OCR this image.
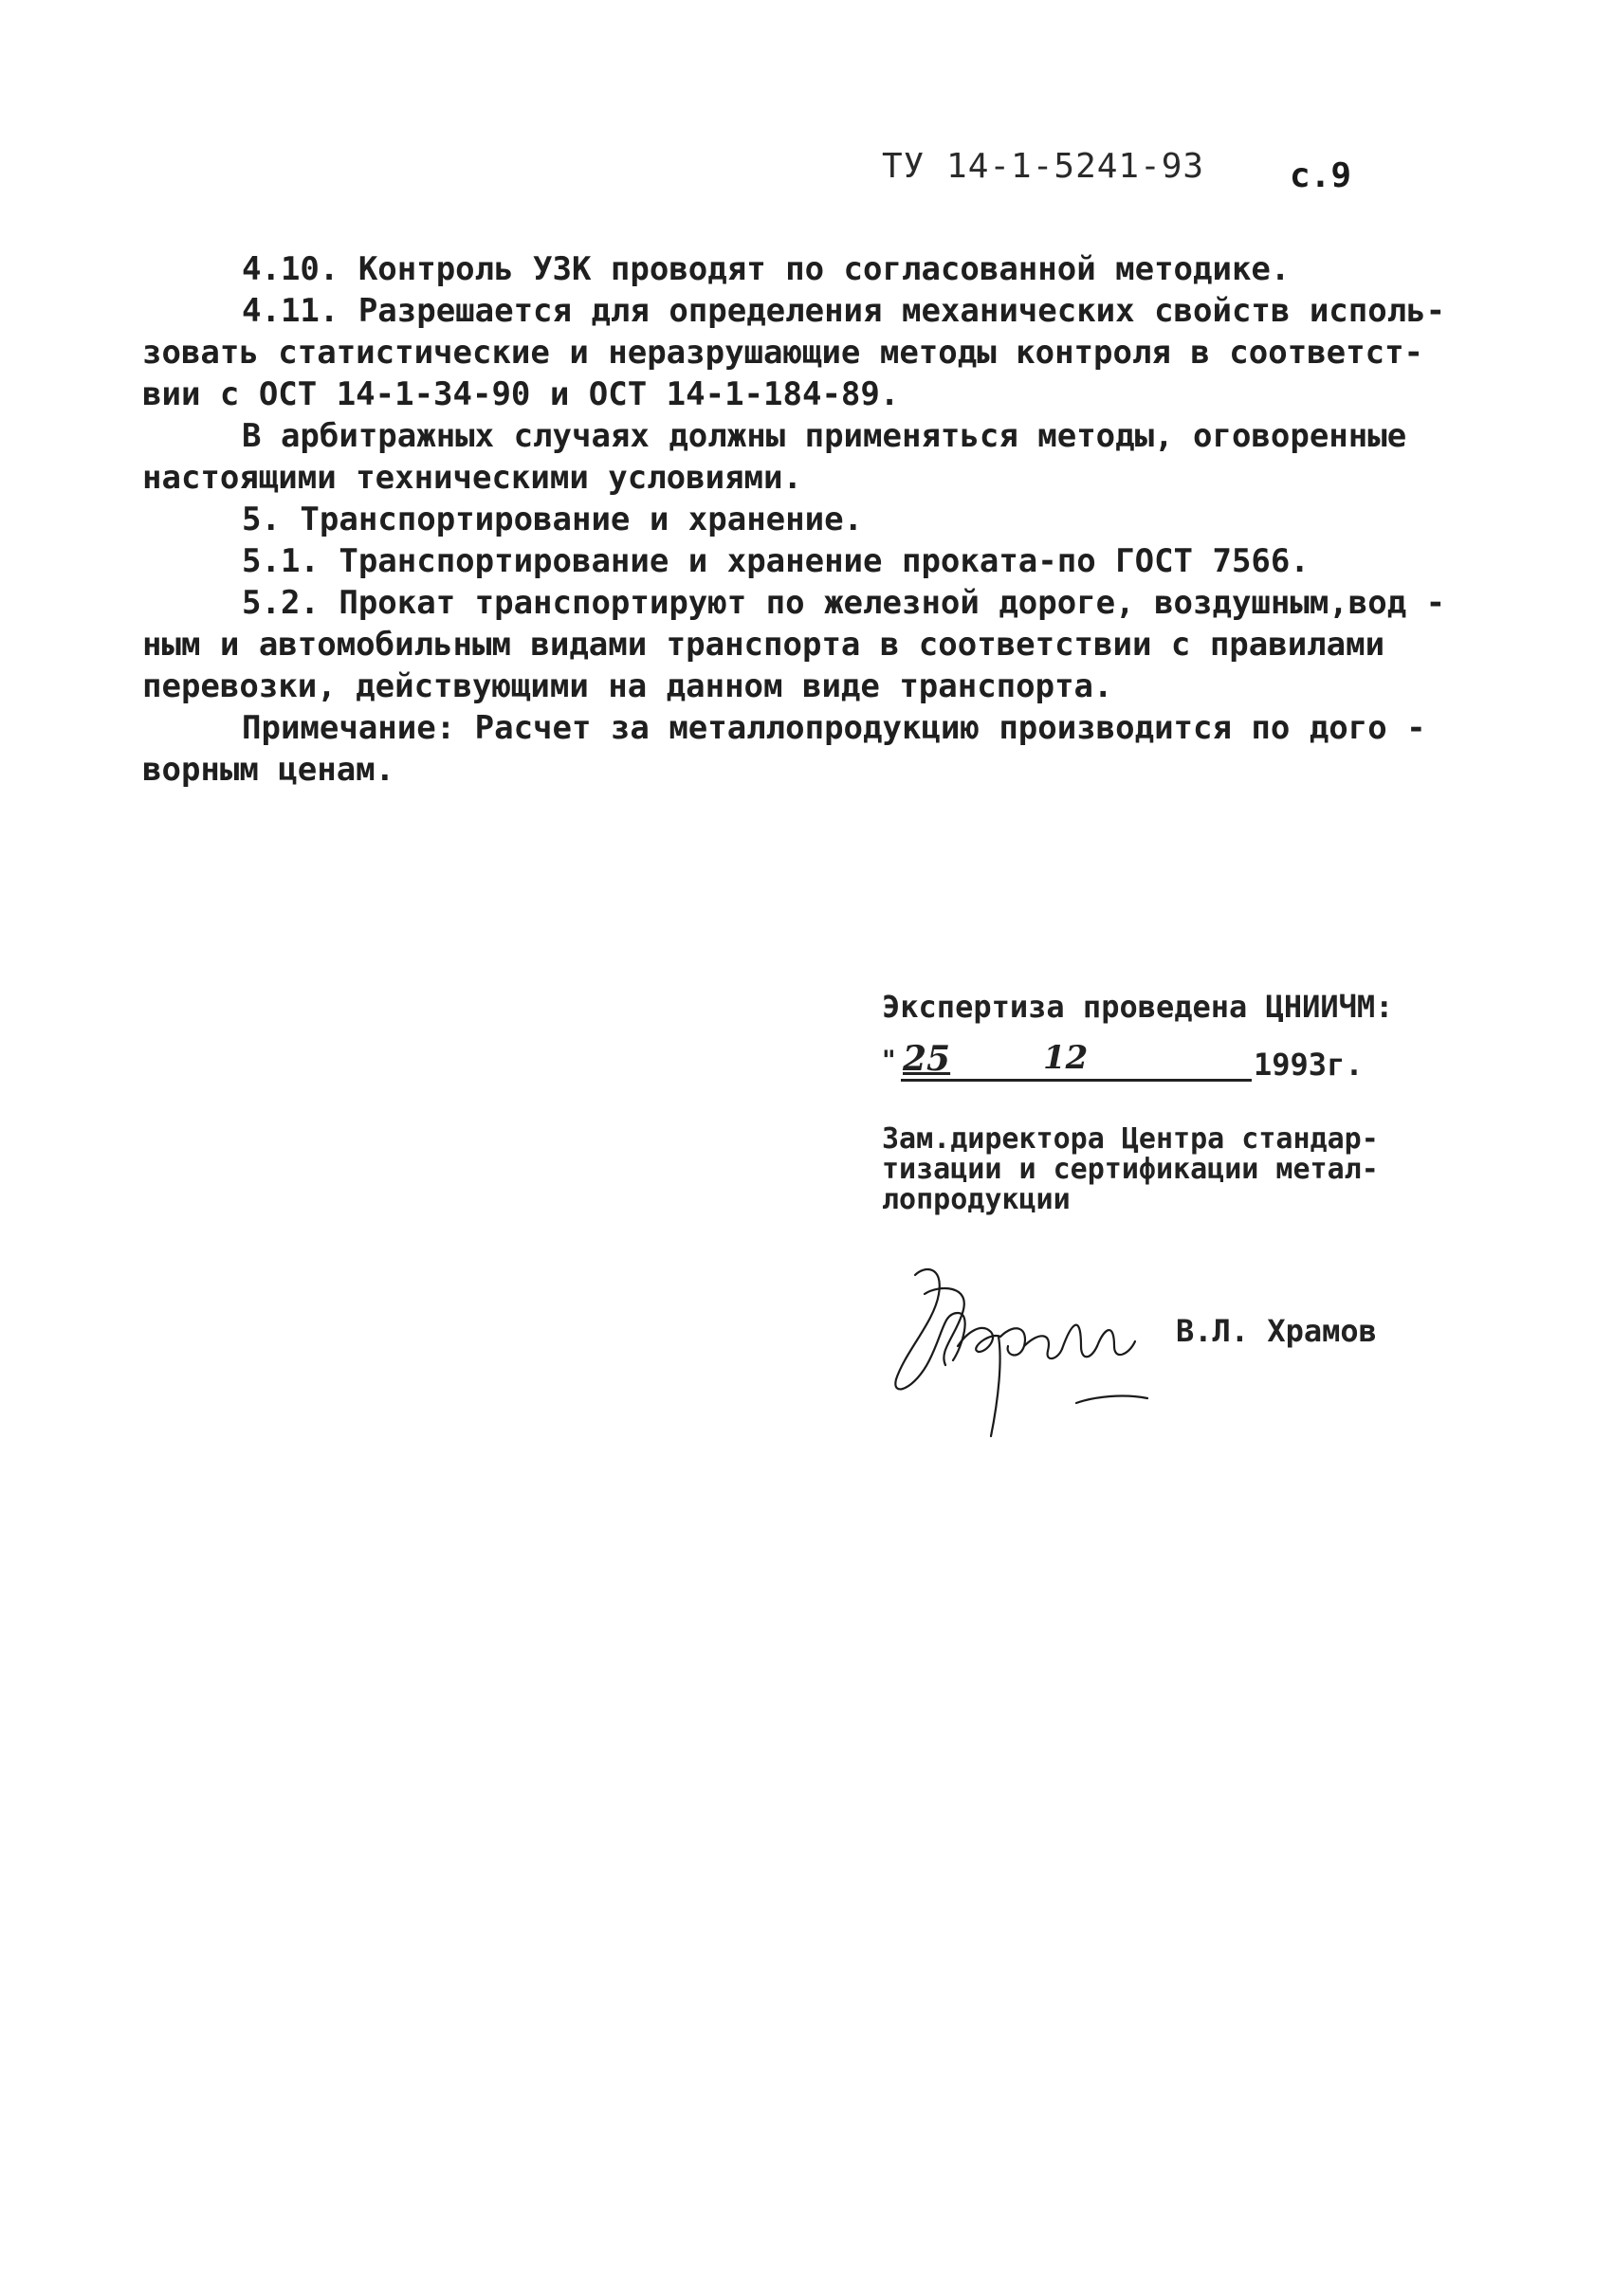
ТУ 14-1-5241-93 с.9

4.10. Контроль УЗК проводят по согласованной методике.

4.11. Разрешается для определения механических свойств исполь-

зовать статистические и неразрушающие методы контроля в соответст-

вии с ОСТ 14-1-34-90 и ОСТ 14-1-184-89.

В арбитражных случаях должны применяться методы, оговоренные

настоящими техническими условиями.

5. Транспортирование и хранение.

5.1. Транспортирование и хранение проката-по ГОСТ 7566.

5.2. Прокат транспортируют по железной дороге, воздушным,вод -

ным и автомобильным видами транспорта в соответствии с правилами

перевозки, действующими на данном виде транспорта.

Примечание: Расчет за металлопродукцию производится по дого -

ворным ценам.

Экспертиза проведена ЦНИИЧМ:

" 25	12	1993г.

Зам.директора Центра стандар-
тизации и сертификации метал-
лопродукции

В.Л. Храмов
